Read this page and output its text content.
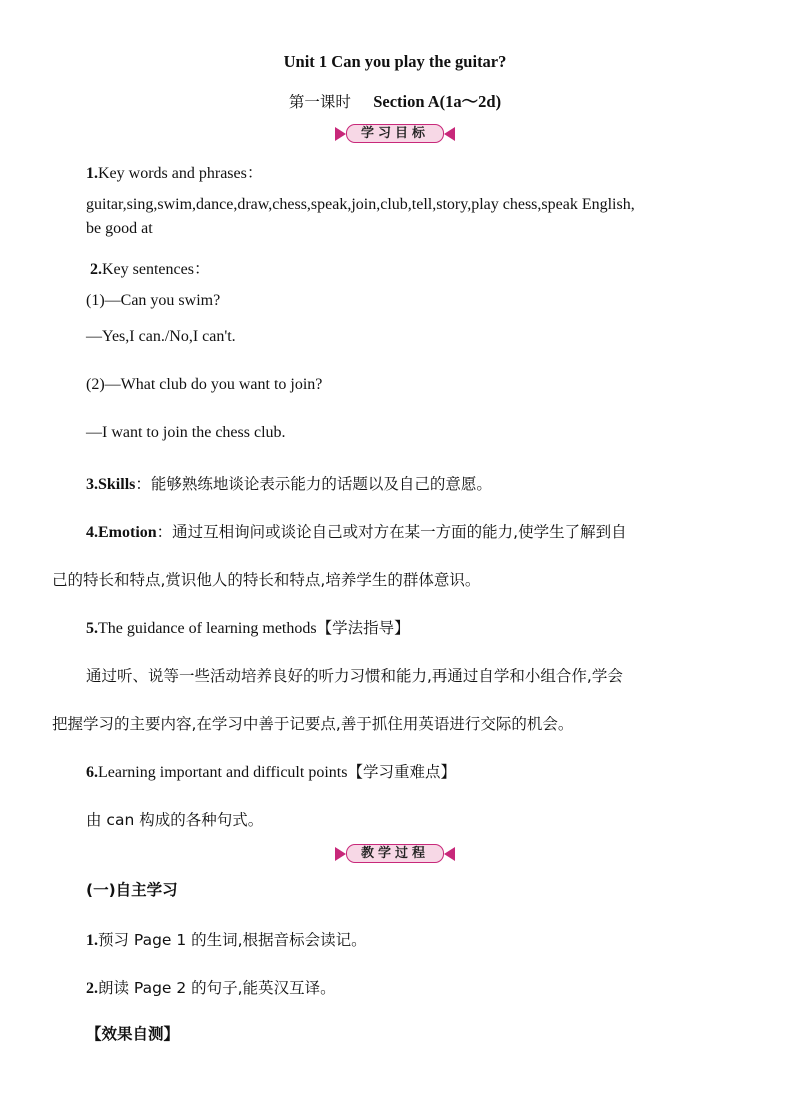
Unit 1 Can you play the guitar?
第一课时 Section A(1a～2d)
学习目标
1.Key words and phrases：
guitar,sing,swim,dance,draw,chess,speak,join,club,tell,story,play chess,speak English,
be good at
2.Key sentences：
(1)—Can you swim?
—Yes,I can./No,I can't.
(2)—What club do you want to join?
—I want to join the chess club.
3.Skills：能够熟练地谈论表示能力的话题以及自己的意愿。
4.Emotion：通过互相询问或谈论自己或对方在某一方面的能力,使学生了解到自
己的特长和特点,赏识他人的特长和特点,培养学生的群体意识。
5.The guidance of learning methods【学法指导】
通过听、说等一些活动培养良好的听力习惯和能力,再通过自学和小组合作,学会
把握学习的主要内容,在学习中善于记要点,善于抓住用英语进行交际的机会。
6.Learning important and difficult points【学习重难点】
由 can 构成的各种句式。
教学过程
(一)自主学习
1.预习 Page 1 的生词,根据音标会读记。
2.朗读 Page 2 的句子,能英汉互译。
【效果自测】
